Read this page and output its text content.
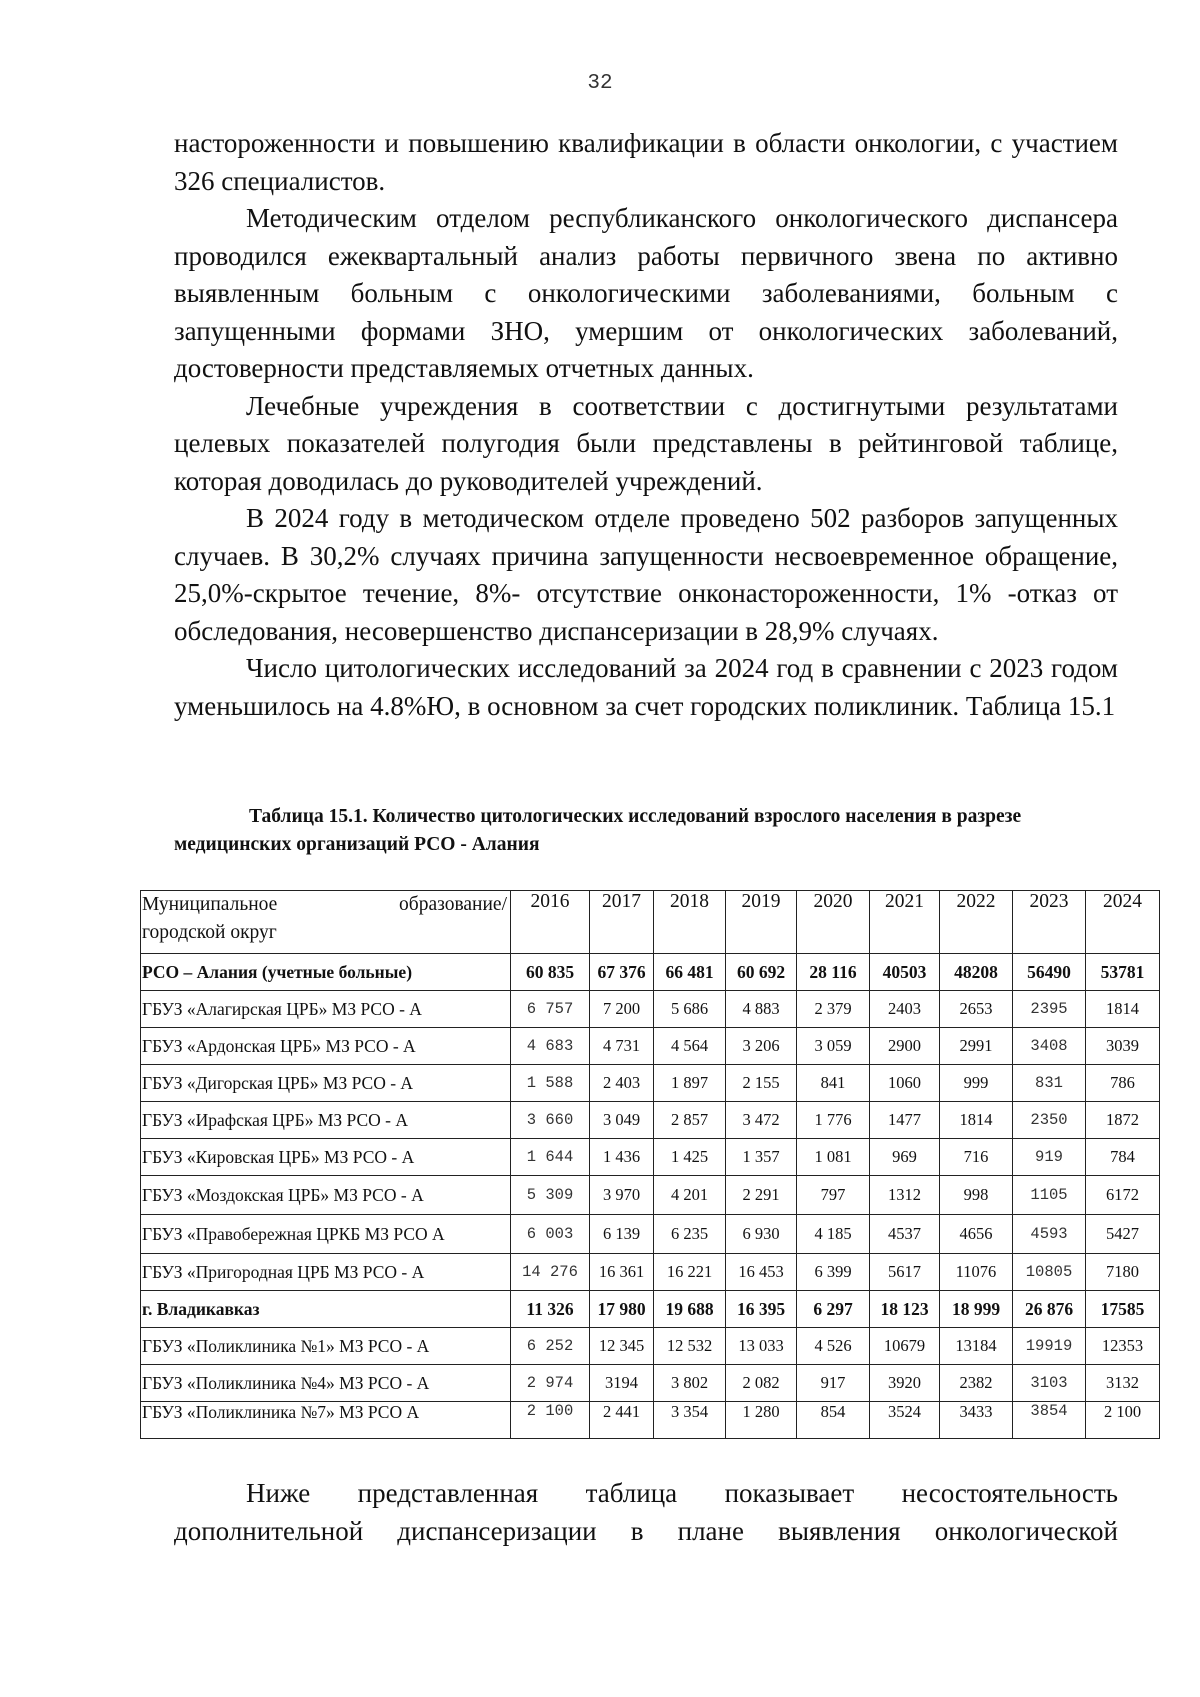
32

настороженности и повышению квалификации в области онкологии, с участием 326 специалистов.

Методическим отделом республиканского онкологического диспансера проводился ежеквартальный анализ работы первичного звена по активно выявленным больным с онкологическими заболеваниями, больным с запущенными формами ЗНО, умершим от онкологических заболеваний, достоверности представляемых отчетных данных.

Лечебные учреждения в соответствии с достигнутыми результатами целевых показателей полугодия были представлены в рейтинговой таблице, которая доводилась до руководителей учреждений.

В 2024 году в методическом отделе проведено 502 разборов запущенных случаев. В 30,2% случаях причина запущенности несвоевременное обращение, 25,0%-скрытое течение, 8%- отсутствие онконастороженности, 1% -отказ от обследования, несовершенство диспансеризации в 28,9% случаях.

Число цитологических исследований за 2024 год в сравнении с 2023 годом уменьшилось на 4.8%Ю, в основном за счет городских поликлиник. Таблица 15.1

Таблица 15.1. Количество цитологических исследований взрослого населения в разрезе медицинских организаций РСО - Алания
Муниципальное образование/
городской округ	2016	2017	2018	2019	2020	2021	2022	2023	2024
РСО – Алания (учетные больные)	60 835	67 376	66 481	60 692	28 116	40503	48208	56490	53781
ГБУЗ «Алагирская ЦРБ» МЗ РСО - А	6 757	7 200	5 686	4 883	2 379	2403	2653	2395	1814
ГБУЗ «Ардонская ЦРБ» МЗ РСО - А	4 683	4 731	4 564	3 206	3 059	2900	2991	3408	3039
ГБУЗ «Дигорская ЦРБ» МЗ РСО - А	1 588	2 403	1 897	2 155	841	1060	999	831	786
ГБУЗ «Ирафская ЦРБ» МЗ РСО - А	3 660	3 049	2 857	3 472	1 776	1477	1814	2350	1872
ГБУЗ «Кировская ЦРБ» МЗ РСО - А	1 644	1 436	1 425	1 357	1 081	969	716	919	784
ГБУЗ «Моздокская ЦРБ» МЗ РСО - А	5 309	3 970	4 201	2 291	797	1312	998	1105	6172
ГБУЗ «Правобережная ЦРКБ МЗ РСО А	6 003	6 139	6 235	6 930	4 185	4537	4656	4593	5427
ГБУЗ «Пригородная ЦРБ МЗ РСО - А	14 276	16 361	16 221	16 453	6 399	5617	11076	10805	7180
г. Владикавказ	11 326	17 980	19 688	16 395	6 297	18 123	18 999	26 876	17585
ГБУЗ «Поликлиника №1» МЗ РСО - А	6 252	12 345	12 532	13 033	4 526	10679	13184	19919	12353
ГБУЗ «Поликлиника №4» МЗ РСО - А	2 974	3194	3 802	2 082	917	3920	2382	3103	3132
ГБУЗ «Поликлиника №7» МЗ РСО А	2 100	2 441	3 354	1 280	854	3524	3433	3854	2 100

Ниже представленная таблица показывает несостоятельность дополнительной диспансеризации в плане выявления онкологической
